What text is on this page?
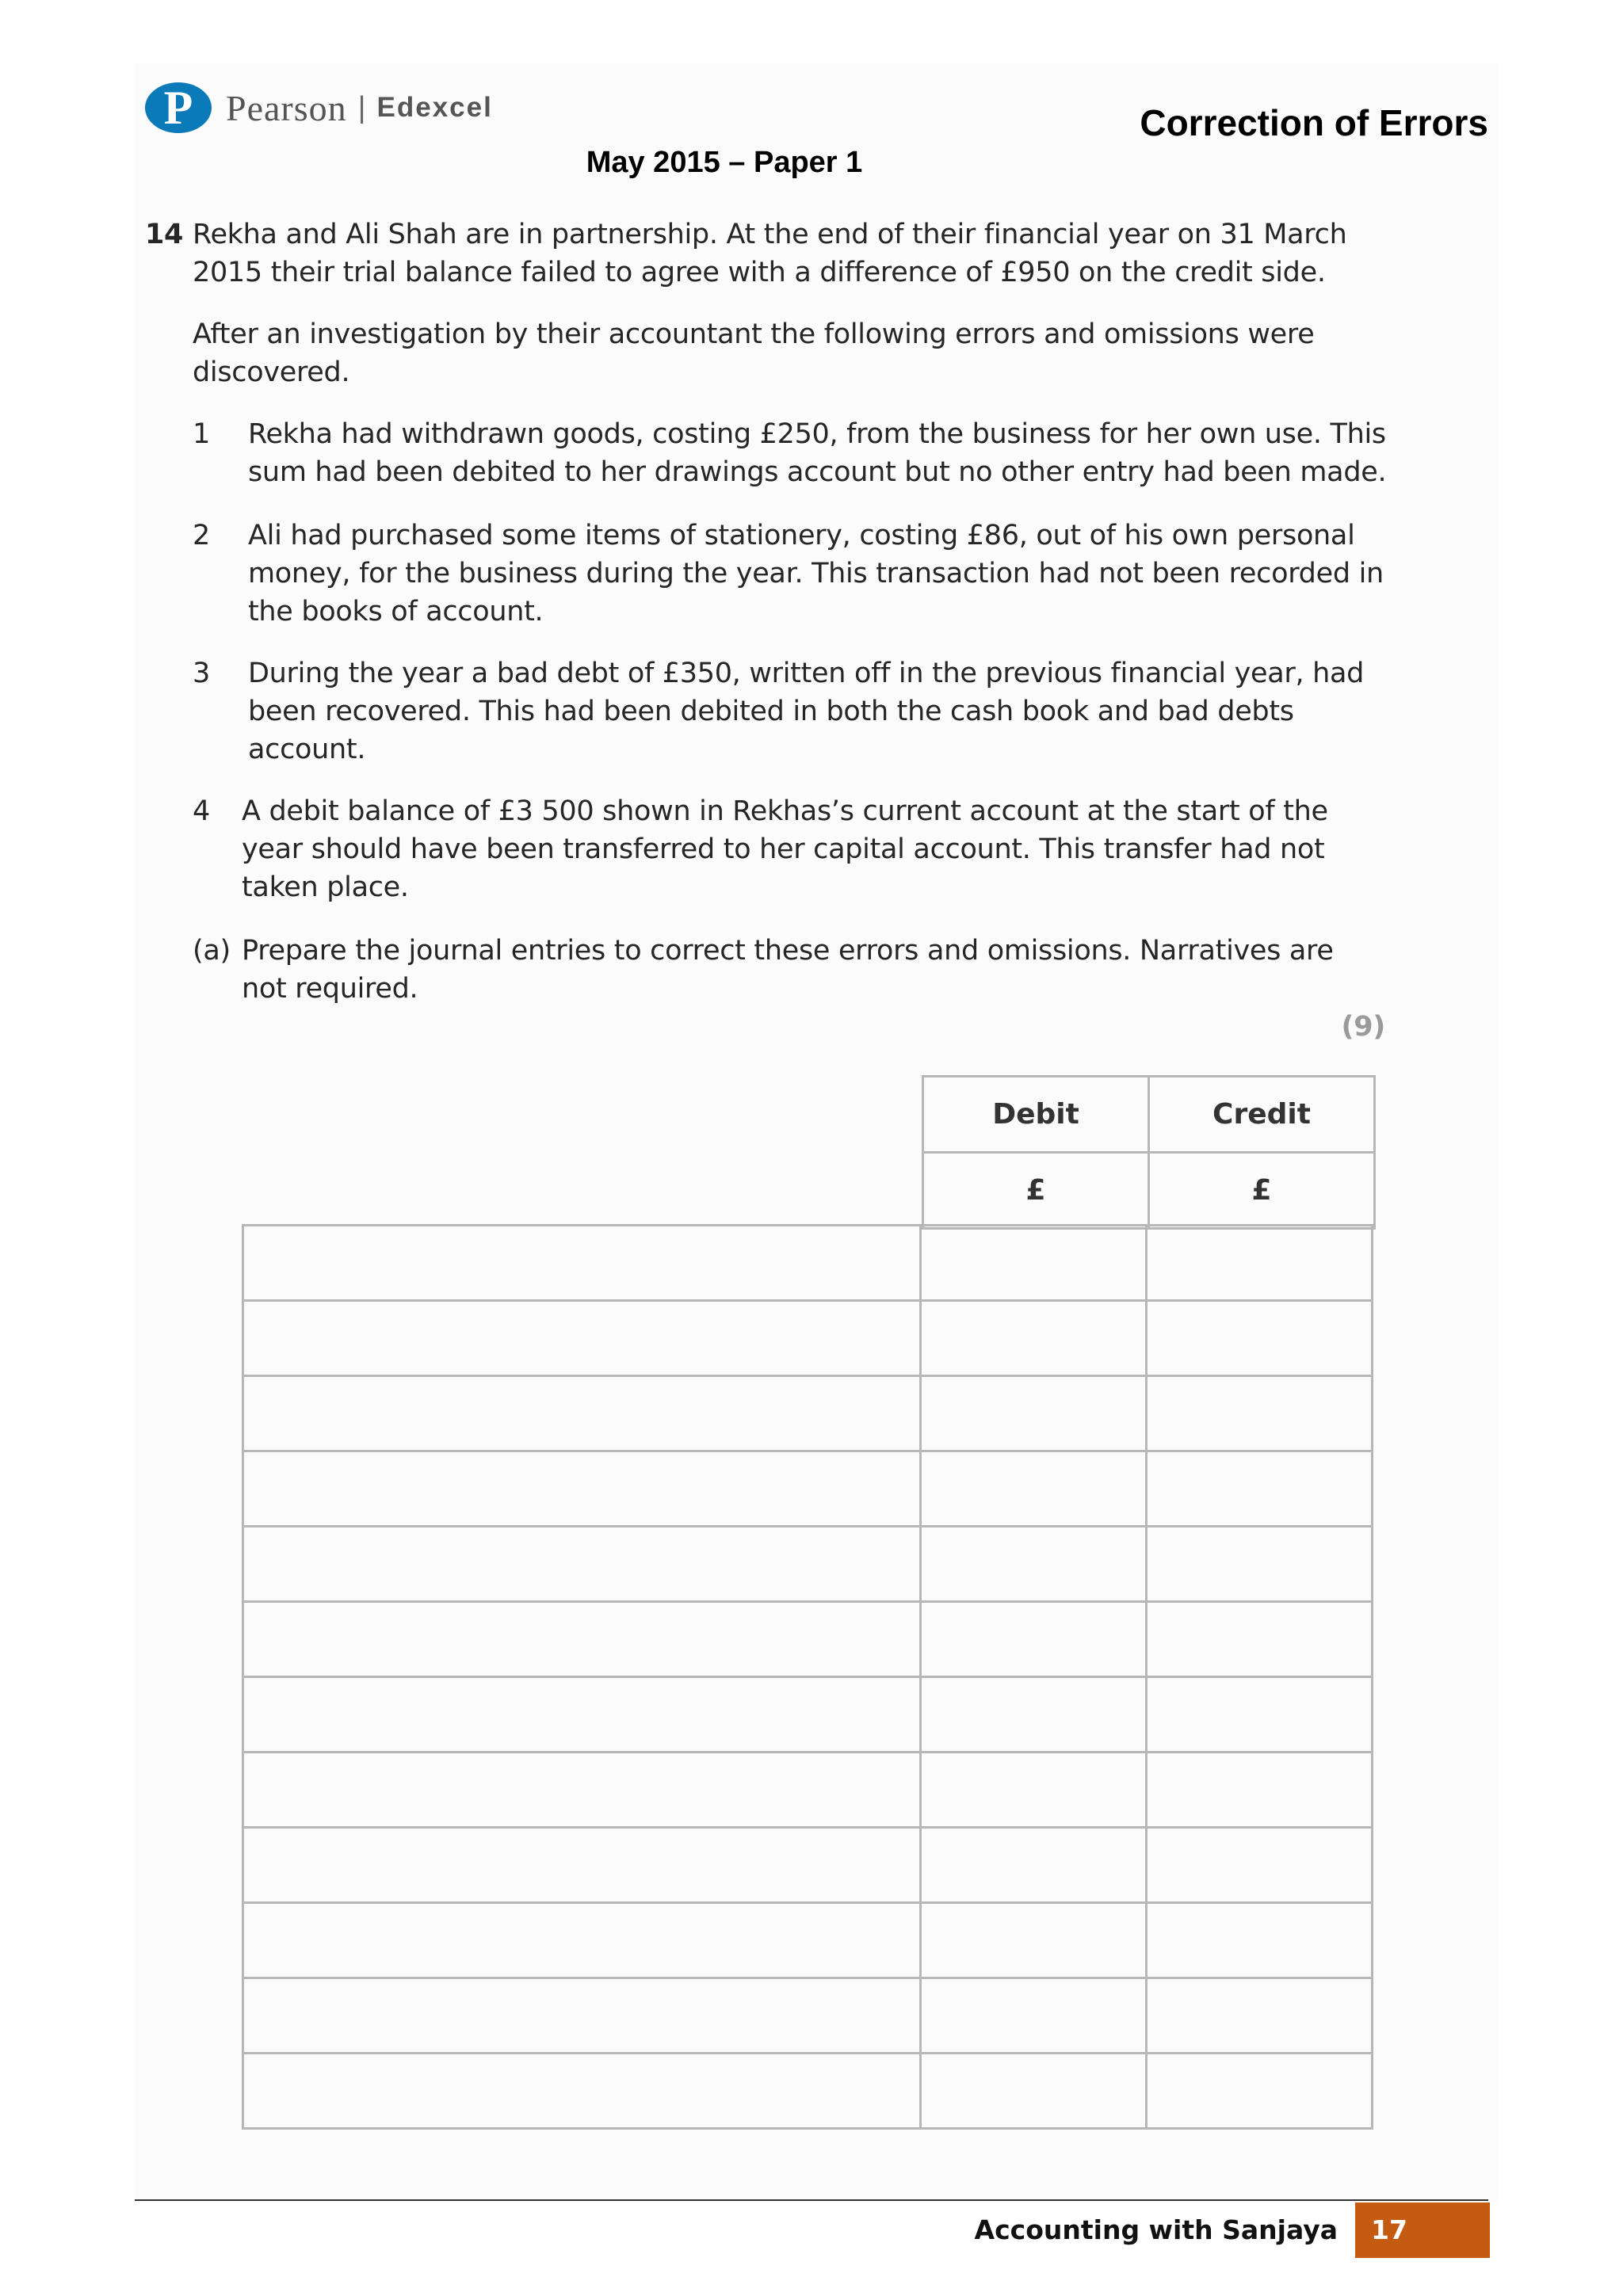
P Pearson | Edexcel	Correction of Errors
May 2015 – Paper 1
14 Rekha and Ali Shah are in partnership. At the end of their financial year on 31 March 2015 their trial balance failed to agree with a difference of £950 on the credit side.
After an investigation by their accountant the following errors and omissions were discovered.
1 Rekha had withdrawn goods, costing £250, from the business for her own use. This sum had been debited to her drawings account but no other entry had been made.
2 Ali had purchased some items of stationery, costing £86, out of his own personal money, for the business during the year. This transaction had not been recorded in the books of account.
3 During the year a bad debt of £350, written off in the previous financial year, had been recovered. This had been debited in both the cash book and bad debts account.
4 A debit balance of £3 500 shown in Rekhas’s current account at the start of the year should have been transferred to her capital account. This transfer had not taken place.
(a) Prepare the journal entries to correct these errors and omissions. Narratives are not required.
(9)
Debit	Credit
£	£

Accounting with Sanjaya	17
